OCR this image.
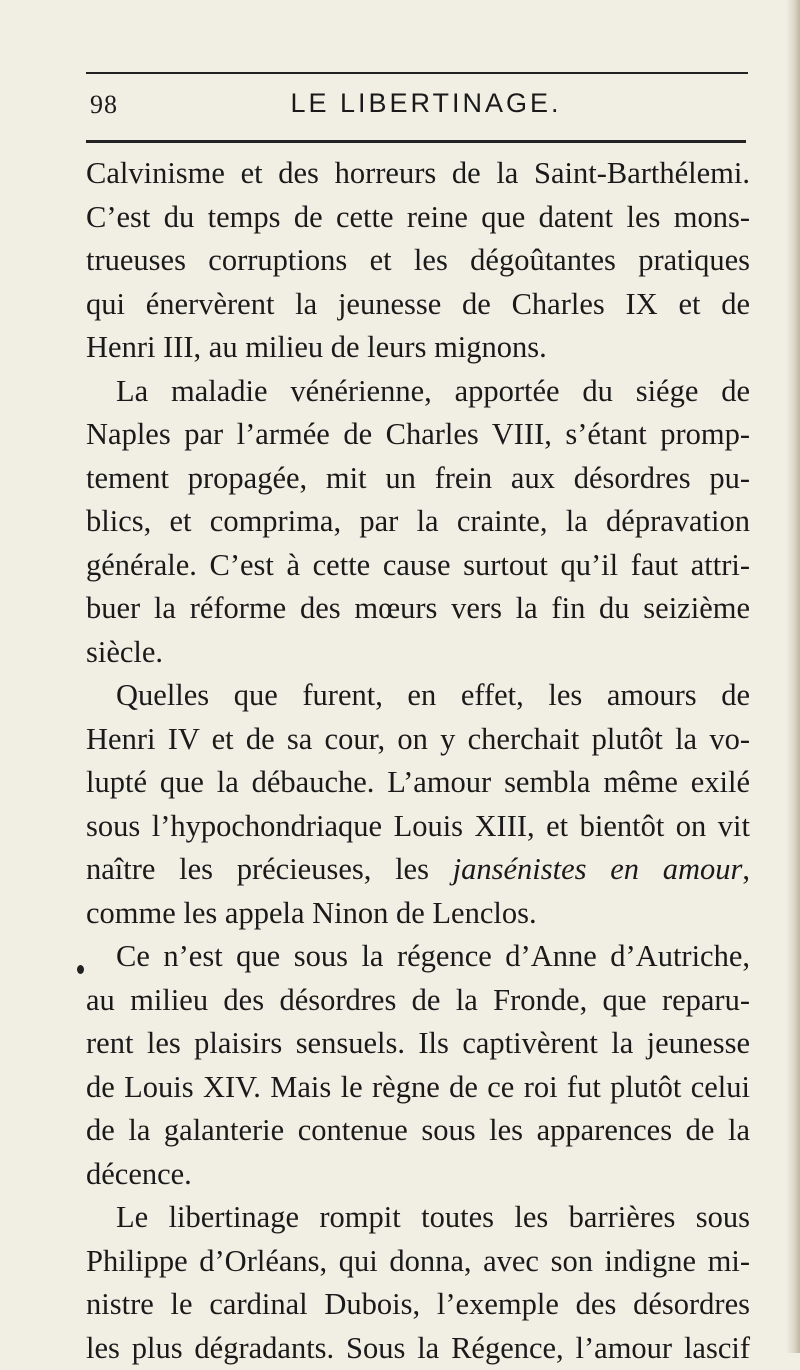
98	LE LIBERTINAGE.
Calvinisme et des horreurs de la Saint-Barthélemi.
C’est du temps de cette reine que datent les mons-
trueuses corruptions et les dégoûtantes pratiques
qui énervèrent la jeunesse de Charles IX et de
Henri III, au milieu de leurs mignons.
La maladie vénérienne, apportée du siége de
Naples par l’armée de Charles VIII, s’étant promp-
tement propagée, mit un frein aux désordres pu-
blics, et comprima, par la crainte, la dépravation
générale. C’est à cette cause surtout qu’il faut attri-
buer la réforme des mœurs vers la fin du seizième
siècle.
Quelles que furent, en effet, les amours de
Henri IV et de sa cour, on y cherchait plutôt la vo-
lupté que la débauche. L’amour sembla même exilé
sous l’hypochondriaque Louis XIII, et bientôt on vit
naître les précieuses, les jansénistes en amour,
comme les appela Ninon de Lenclos.
Ce n’est que sous la régence d’Anne d’Autriche,
au milieu des désordres de la Fronde, que reparu-
rent les plaisirs sensuels. Ils captivèrent la jeunesse
de Louis XIV. Mais le règne de ce roi fut plutôt celui
de la galanterie contenue sous les apparences de la
décence.
Le libertinage rompit toutes les barrières sous
Philippe d’Orléans, qui donna, avec son indigne mi-
nistre le cardinal Dubois, l’exemple des désordres
les plus dégradants. Sous la Régence, l’amour lascif
